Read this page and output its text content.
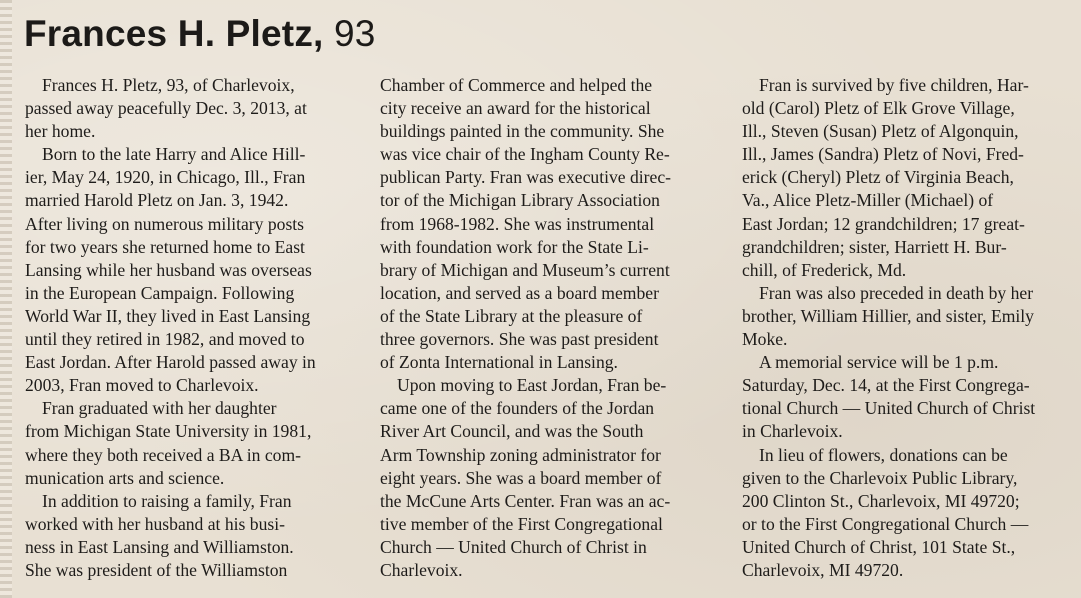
Frances H. Pletz, 93
Frances H. Pletz, 93, of Charlevoix,
passed away peacefully Dec. 3, 2013, at
her home.
Born to the late Harry and Alice Hill-
ier, May 24, 1920, in Chicago, Ill., Fran
married Harold Pletz on Jan. 3, 1942.
After living on numerous military posts
for two years she returned home to East
Lansing while her husband was overseas
in the European Campaign. Following
World War II, they lived in East Lansing
until they retired in 1982, and moved to
East Jordan. After Harold passed away in
2003, Fran moved to Charlevoix.
Fran graduated with her daughter
from Michigan State University in 1981,
where they both received a BA in com-
munication arts and science.
In addition to raising a family, Fran
worked with her husband at his busi-
ness in East Lansing and Williamston.
She was president of the Williamston
Chamber of Commerce and helped the
city receive an award for the historical
buildings painted in the community. She
was vice chair of the Ingham County Re-
publican Party. Fran was executive direc-
tor of the Michigan Library Association
from 1968-1982. She was instrumental
with foundation work for the State Li-
brary of Michigan and Museum’s current
location, and served as a board member
of the State Library at the pleasure of
three governors. She was past president
of Zonta International in Lansing.
Upon moving to East Jordan, Fran be-
came one of the founders of the Jordan
River Art Council, and was the South
Arm Township zoning administrator for
eight years. She was a board member of
the McCune Arts Center. Fran was an ac-
tive member of the First Congregational
Church — United Church of Christ in
Charlevoix.
Fran is survived by five children, Har-
old (Carol) Pletz of Elk Grove Village,
Ill., Steven (Susan) Pletz of Algonquin,
Ill., James (Sandra) Pletz of Novi, Fred-
erick (Cheryl) Pletz of Virginia Beach,
Va., Alice Pletz-Miller (Michael) of
East Jordan; 12 grandchildren; 17 great-
grandchildren; sister, Harriett H. Bur-
chill, of Frederick, Md.
Fran was also preceded in death by her
brother, William Hillier, and sister, Emily
Moke.
A memorial service will be 1 p.m.
Saturday, Dec. 14, at the First Congrega-
tional Church — United Church of Christ
in Charlevoix.
In lieu of flowers, donations can be
given to the Charlevoix Public Library,
200 Clinton St., Charlevoix, MI 49720;
or to the First Congregational Church —
United Church of Christ, 101 State St.,
Charlevoix, MI 49720.
